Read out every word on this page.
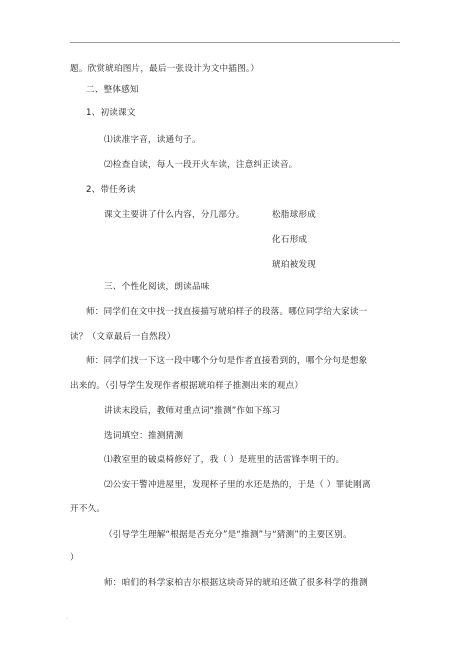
.
题。欣赏琥珀图片，最后一张设计为文中插图。）
二、整体感知
1、初读课文
⑴读准字音，读通句子。
⑵检查自读，每人一段开火车读，注意纠正读音。
2、带任务读
课文主要讲了什么内容，分几部分。	松脂球形成
化石形成
琥珀被发现
三、个性化阅读，朗读品味
师：同学们在文中找一找直接描写琥珀样子的段落。哪位同学给大家读一
读？（文章最后一自然段）
师：同学们找一下这一段中哪个分句是作者直接看到的，哪个分句是想象
出来的。（引导学生发现作者根据琥珀样子推测出来的观点）
讲读末段后，教师对重点词“推测”作如下练习
选词填空：推测猜测
⑴教室里的破桌椅修好了，我（ ）是班里的活雷锋李明干的。
⑵公安干警冲进屋里，发现杯子里的水还是热的，于是（ ）罪徒刚离
开不久。
（引导学生理解“根据是否充分”是“推测”与“猜测”的主要区别。
）
师：咱们的科学家柏吉尔根据这块奇异的琥珀还做了很多科学的推测
.
